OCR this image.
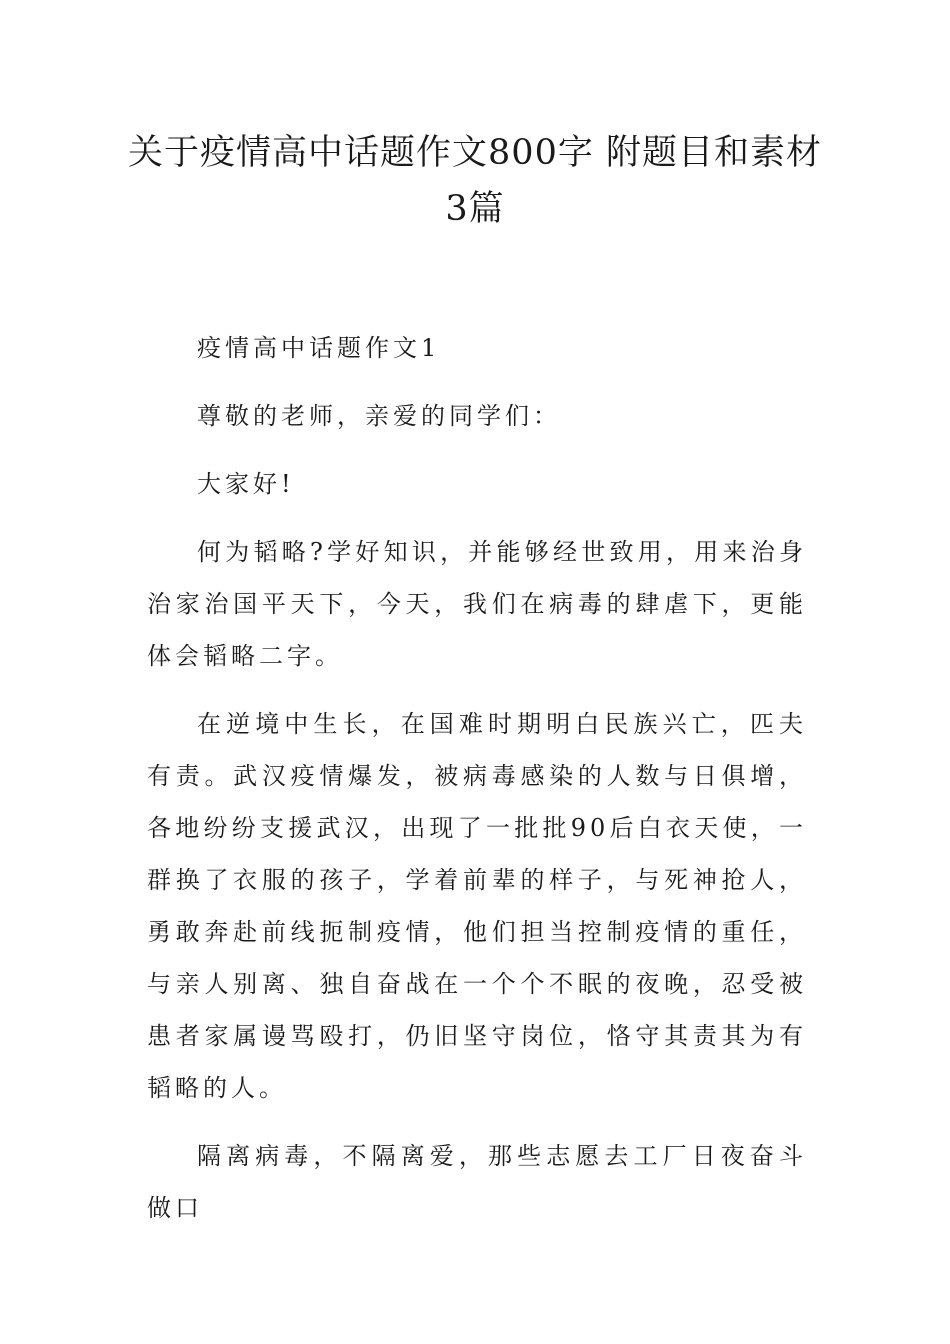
关于疫情高中话题作文800字 附题目和素材3篇

疫情高中话题作文1

尊敬的老师，亲爱的同学们：

大家好!

何为韬略?学好知识，并能够经世致用，用来治身治家治国平天下，今天，我们在病毒的肆虐下，更能体会韬略二字。

在逆境中生长，在国难时期明白民族兴亡，匹夫有责。武汉疫情爆发，被病毒感染的人数与日俱增，各地纷纷支援武汉，出现了一批批90后白衣天使，一群换了衣服的孩子，学着前辈的样子，与死神抢人，勇敢奔赴前线扼制疫情，他们担当控制疫情的重任，与亲人别离、独自奋战在一个个不眠的夜晚，忍受被患者家属谩骂殴打，仍旧坚守岗位，恪守其责其为有韬略的人。

隔离病毒，不隔离爱，那些志愿去工厂日夜奋斗做口
